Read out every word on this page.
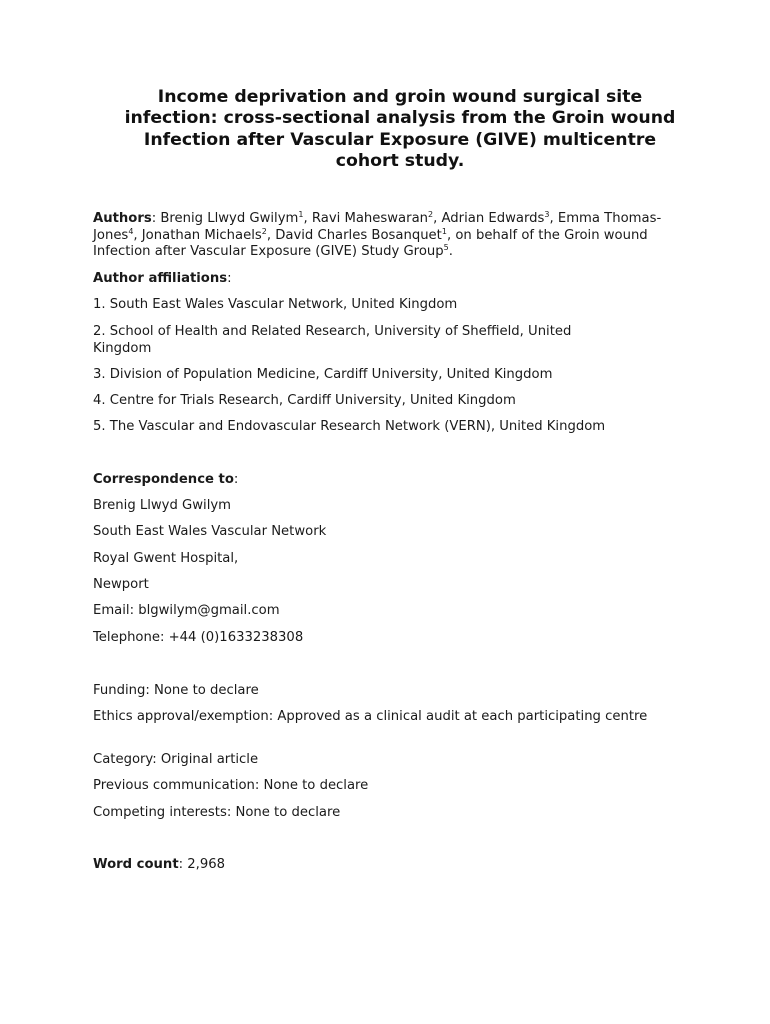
Income deprivation and groin wound surgical site infection: cross-sectional analysis from the Groin wound Infection after Vascular Exposure (GIVE) multicentre cohort study.
Authors: Brenig Llwyd Gwilym$^1$, Ravi Maheswaran$^2$, Adrian Edwards$^3$, Emma Thomas-Jones$^4$, Jonathan Michaels$^2$, David Charles Bosanquet$^1$, on behalf of the Groin wound Infection after Vascular Exposure (GIVE) Study Group$^5$.
Author affiliations:
1. South East Wales Vascular Network, United Kingdom
2. School of Health and Related Research, University of Sheffield, United Kingdom
3. Division of Population Medicine, Cardiff University, United Kingdom
4. Centre for Trials Research, Cardiff University, United Kingdom
5. The Vascular and Endovascular Research Network (VERN), United Kingdom
Correspondence to:
Brenig Llwyd Gwilym
South East Wales Vascular Network
Royal Gwent Hospital,
Newport
Email: blgwilym@gmail.com
Telephone: +44 (0)1633238308
Funding: None to declare
Ethics approval/exemption: Approved as a clinical audit at each participating centre
Category: Original article
Previous communication: None to declare
Competing interests: None to declare
Word count: 2,968
